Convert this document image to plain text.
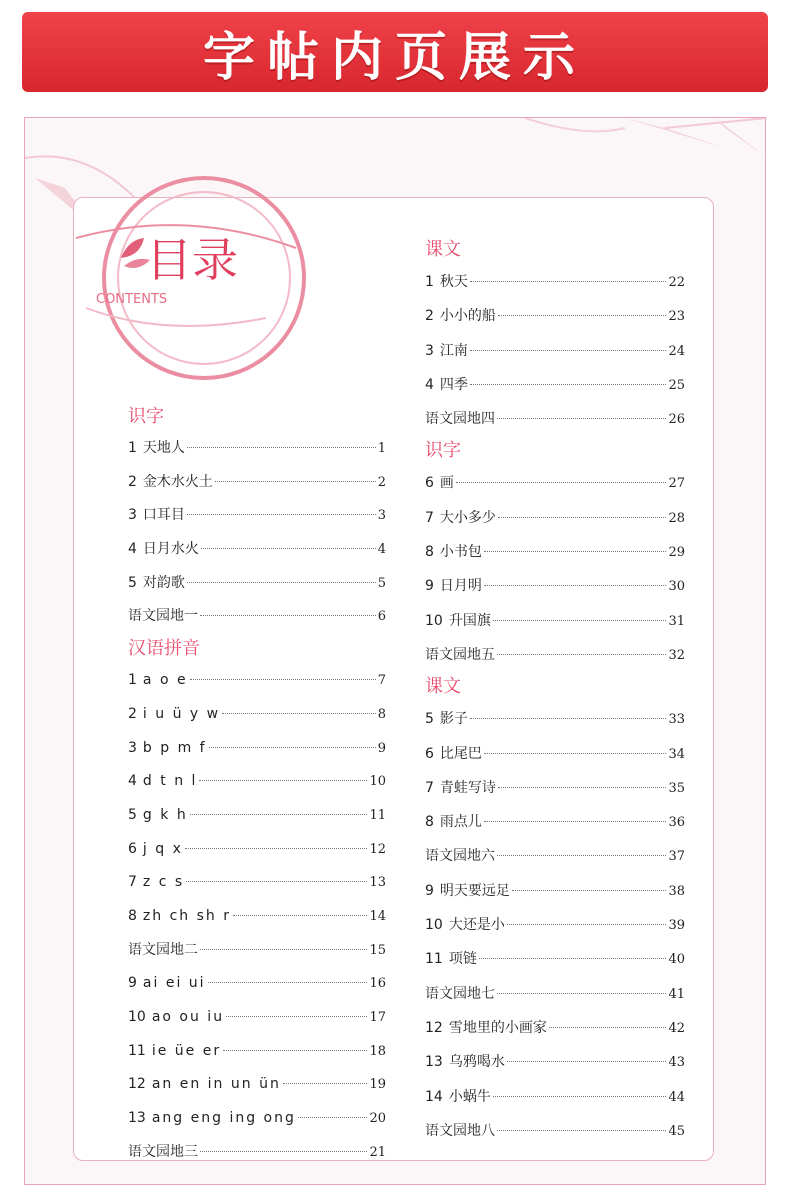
字帖内页展示
目录
CONTENTS
识字
1 天地人	1
2 金木水火土	2
3 口耳目	3
4 日月水火	4
5 对韵歌	5
语文园地一	6
汉语拼音
1 a o e	7
2 i u ü y w	8
3 b p m f	9
4 d t n l	10
5 g k h	11
6 j q x	12
7 z c s	13
8 zh ch sh r	14
语文园地二	15
9 ai ei ui	16
10 ao ou iu	17
11 ie üe er	18
12 an en in un ün	19
13 ang eng ing ong	20
语文园地三	21
课文
1 秋天	22
2 小小的船	23
3 江南	24
4 四季	25
语文园地四	26
识字
6 画	27
7 大小多少	28
8 小书包	29
9 日月明	30
10 升国旗	31
语文园地五	32
课文
5 影子	33
6 比尾巴	34
7 青蛙写诗	35
8 雨点儿	36
语文园地六	37
9 明天要远足	38
10 大还是小	39
11 项链	40
语文园地七	41
12 雪地里的小画家	42
13 乌鸦喝水	43
14 小蜗牛	44
语文园地八	45
